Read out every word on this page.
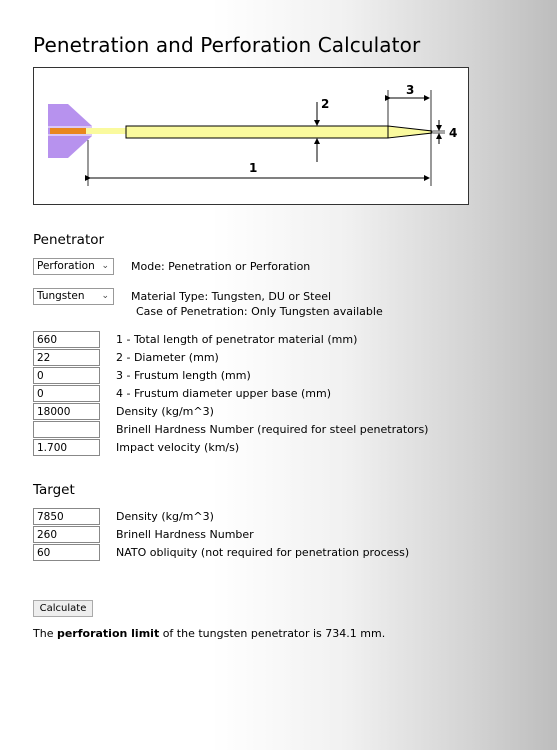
Penetration and Perforation Calculator
1
2
3
4
Penetrator
Perforation ⌄ Mode: Penetration or Perforation
Tungsten ⌄ Material Type: Tungsten, DU or Steel
Case of Penetration: Only Tungsten available
660
1 - Total length of penetrator material (mm)
22
2 - Diameter (mm)
0
3 - Frustum length (mm)
0
4 - Frustum diameter upper base (mm)
18000
Density (kg/m^3)
Brinell Hardness Number (required for steel penetrators)
1.700
Impact velocity (km/s)
Target
7850
Density (kg/m^3)
260
Brinell Hardness Number
60
NATO obliquity (not required for penetration process)
Calculate
The perforation limit of the tungsten penetrator is 734.1 mm.
